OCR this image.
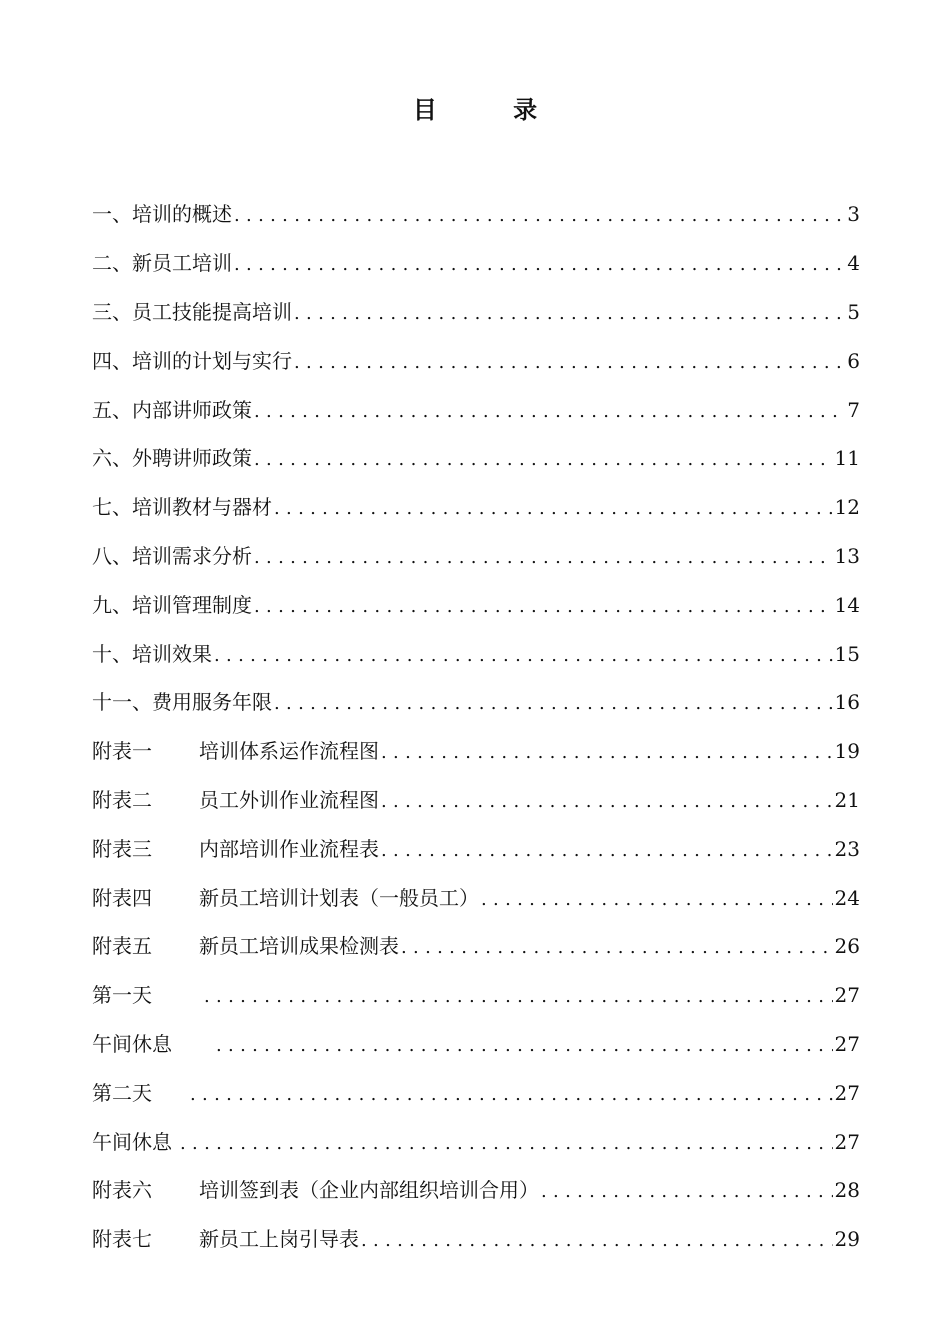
目 录
一、 培训的概述 . . .	3
二、 新员工培训 . . .	4
三、 员工技能提高培训 . . .	5
四、 培训的计划与实行 . . .	6
五、 内部讲师政策 . . .	7
六、 外聘讲师政策 . . .	11
七、 培训教材与器材 . . .	12
八、 培训需求分析 . . .	13
九、 培训管理制度 . . .	14
十、 培训效果 . . .	15
十一、 费用服务年限 . . .	16
附表一	培训体系运作流程图 . . .	19
附表二	员工外训作业流程图 . . .	21
附表三	内部培训作业流程表 . . .	23
附表四	新员工培训计划表（一般员工） . . .	24
附表五	新员工培训成果检测表 . . .	26
第一天 . . .	27
午间休息 . . .	27
第二天 . . .	27
午间休息 . . .	27
附表六	培训签到表（企业内部组织培训合用） . . .	28
附表七	新员工上岗引导表 . . .	29
